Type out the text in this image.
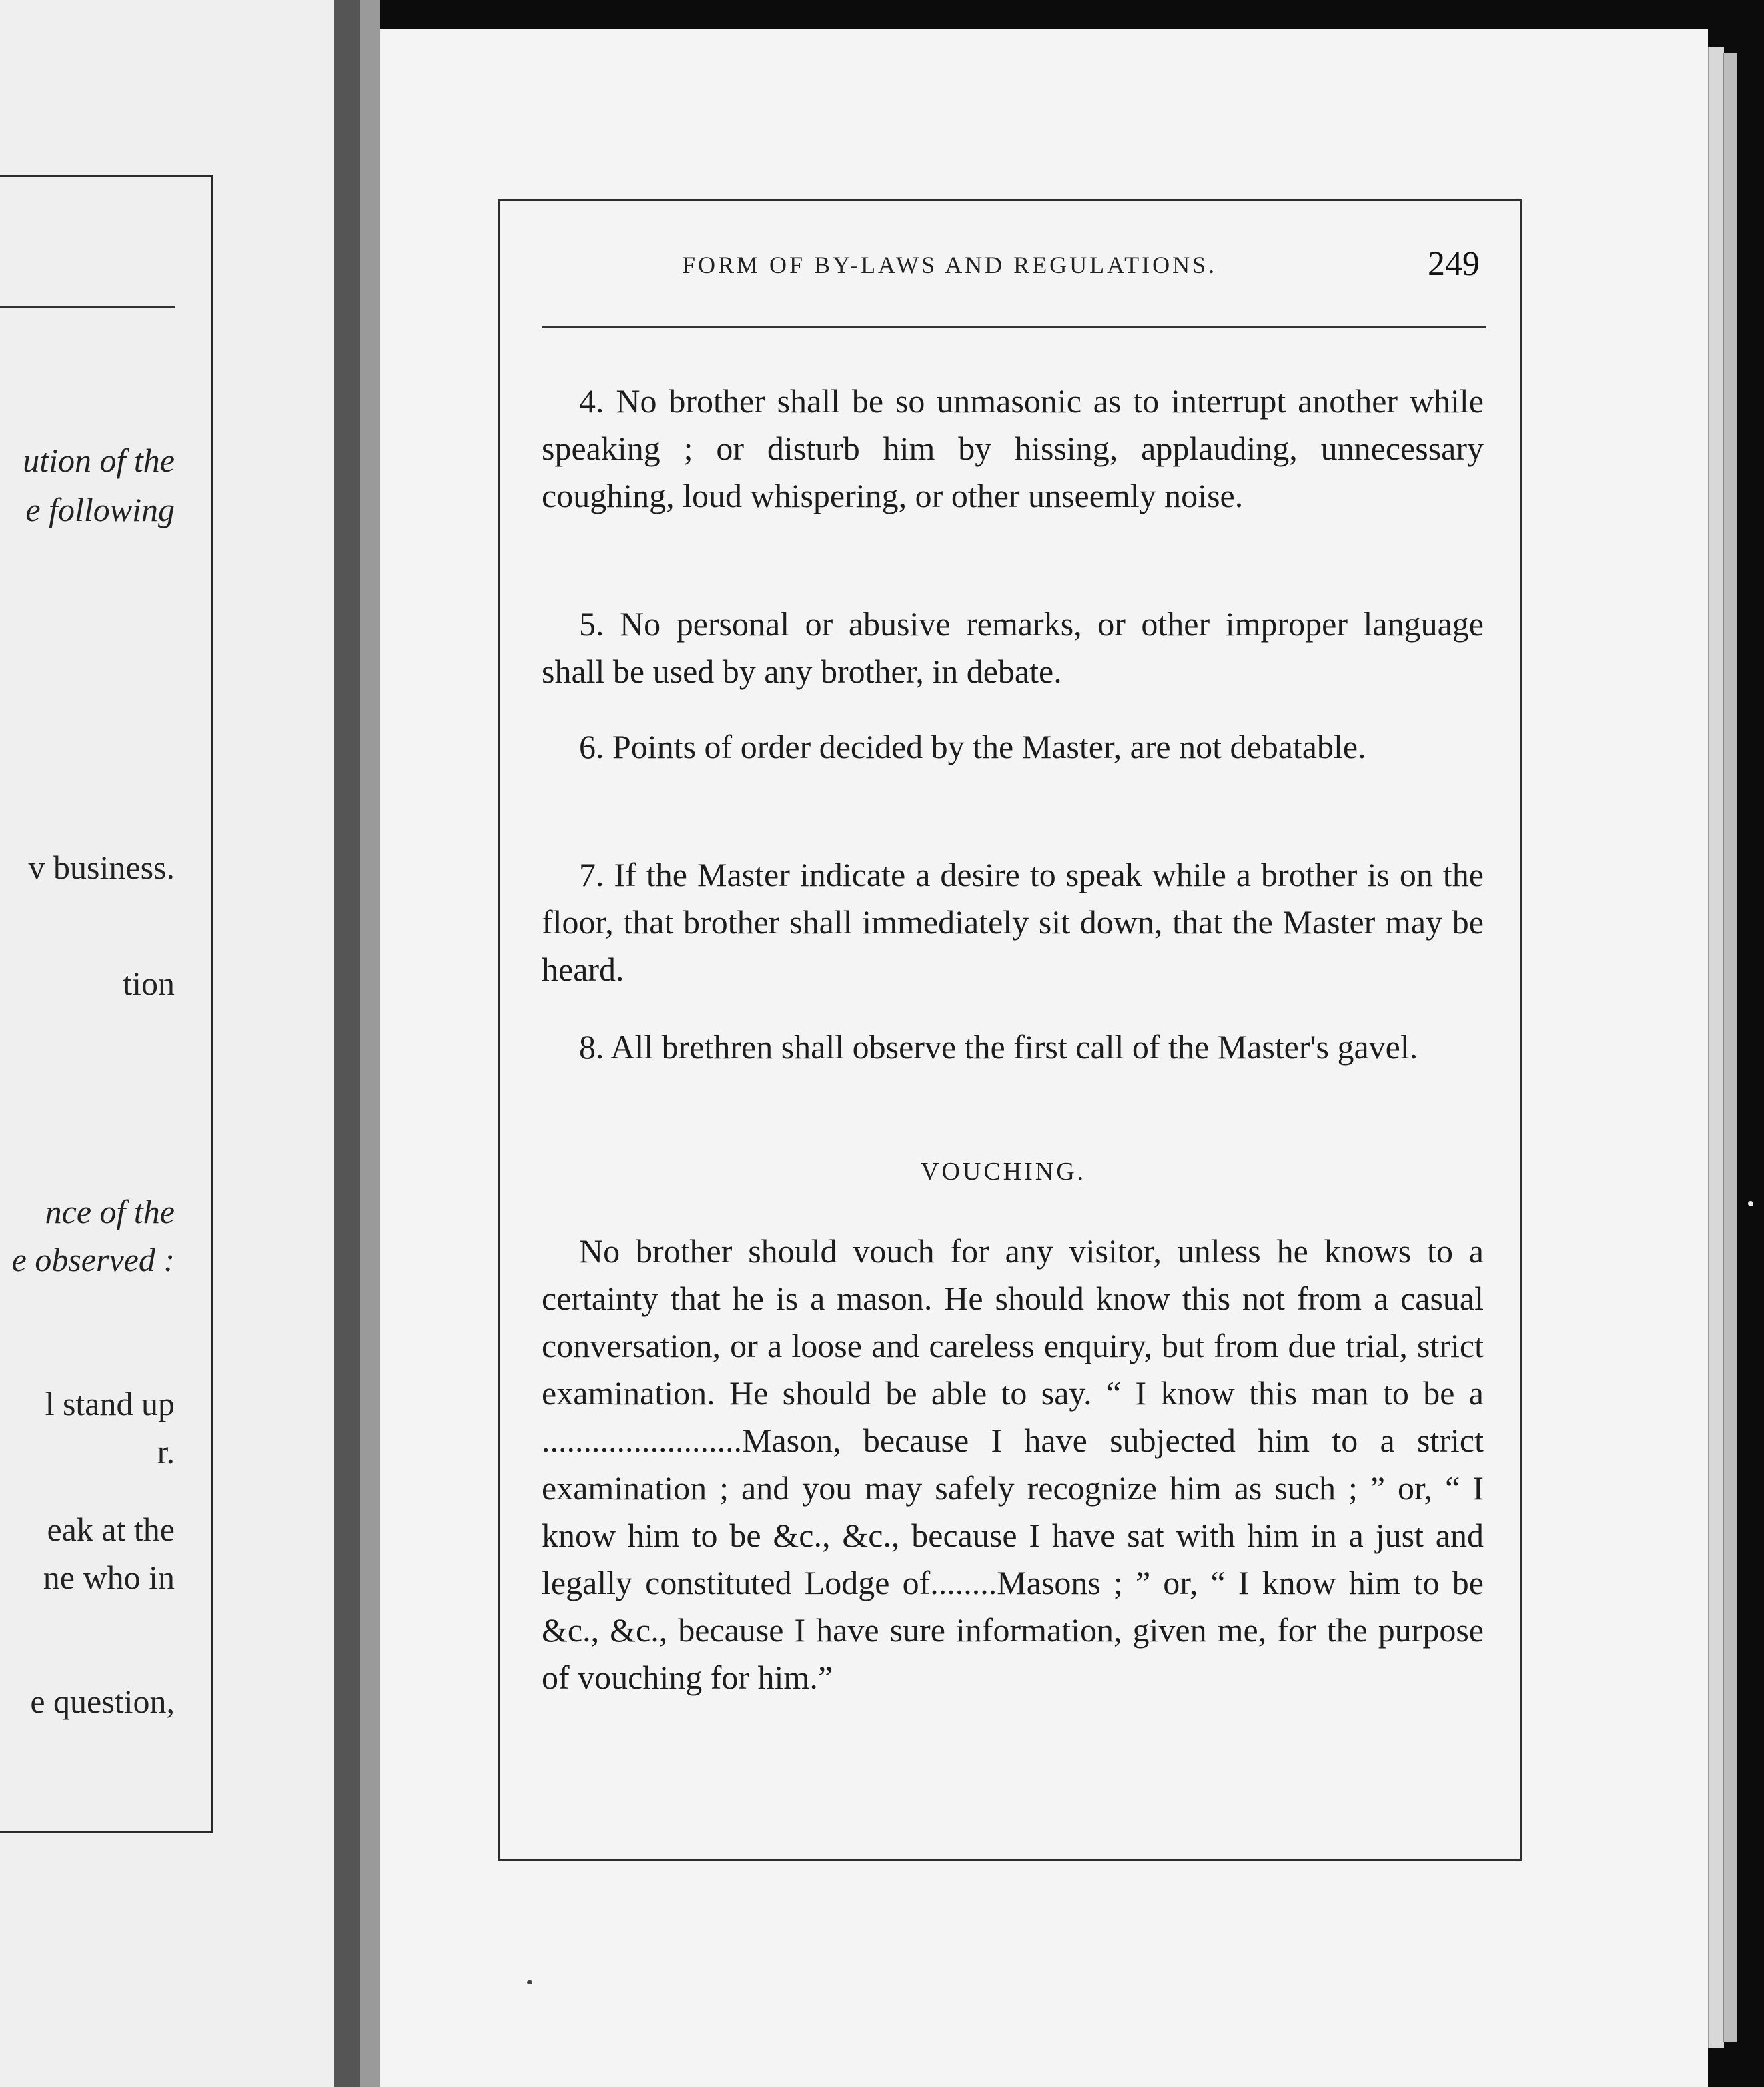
ution of the
e following
v business.
tion
nce of the
e observed :
l stand up
r.
eak at the
ne who in
e question,
FORM OF BY-LAWS AND REGULATIONS.	249
4. No brother shall be so unmasonic as to interrupt another while speaking ; or disturb him by hissing, applauding, unnecessary coughing, loud whispering, or other unseemly noise.
5. No personal or abusive remarks, or other improper language shall be used by any brother, in debate.
6. Points of order decided by the Master, are not debatable.
7. If the Master indicate a desire to speak while a brother is on the floor, that brother shall immediately sit down, that the Master may be heard.
8. All brethren shall observe the first call of the Master's gavel.
VOUCHING.
No brother should vouch for any visitor, unless he knows to a certainty that he is a mason. He should know this not from a casual conversation, or a loose and careless enquiry, but from due trial, strict examination. He should be able to say. “ I know this man to be a ........................Mason, because I have subjected him to a strict examination ; and you may safely recognize him as such ; ” or, “ I know him to be &c., &c., because I have sat with him in a just and legally constituted Lodge of........Masons ; ” or, “ I know him to be &c., &c., because I have sure information, given me, for the purpose of vouching for him.”
